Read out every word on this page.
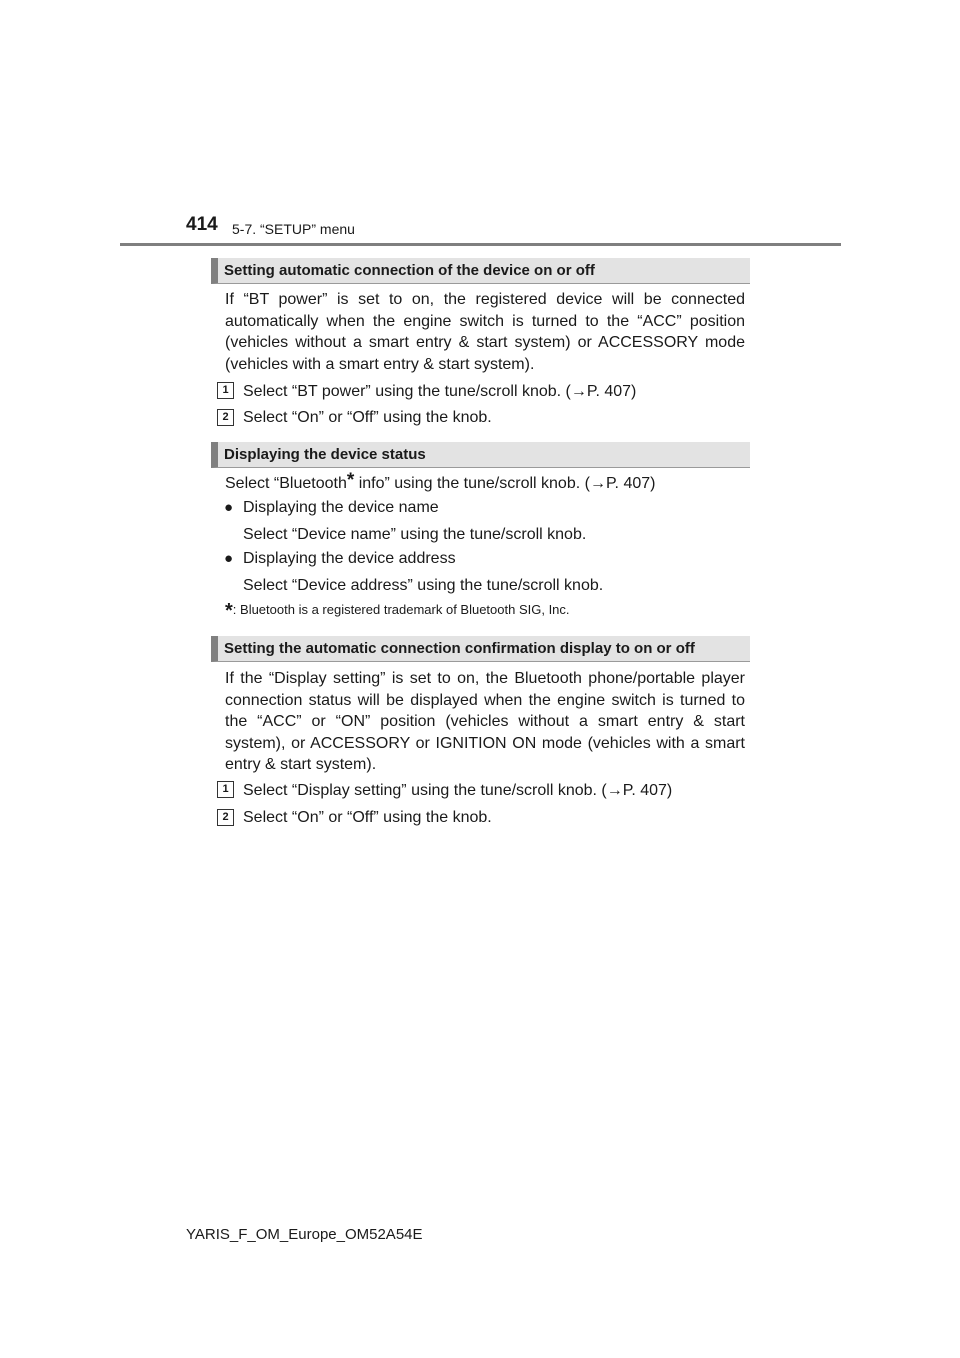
414 5-7. “SETUP” menu
Setting automatic connection of the device on or off

If “BT power” is set to on, the registered device will be connected automatically when the engine switch is turned to the “ACC” position (vehicles without a smart entry & start system) or ACCESSORY mode (vehicles with a smart entry & start system).

1 Select “BT power” using the tune/scroll knob. (→P. 407)
2 Select “On” or “Off” using the knob.
Displaying the device status
Select “Bluetooth* info” using the tune/scroll knob. (→P. 407)
● Displaying the device name
Select “Device name” using the tune/scroll knob.
● Displaying the device address
Select “Device address” using the tune/scroll knob.
*: Bluetooth is a registered trademark of Bluetooth SIG, Inc.
Setting the automatic connection confirmation display to on or off

If the “Display setting” is set to on, the Bluetooth phone/portable player connection status will be displayed when the engine switch is turned to the “ACC” or “ON” position (vehicles without a smart entry & start system), or ACCESSORY or IGNITION ON mode (vehicles with a smart entry & start system).

1 Select “Display setting” using the tune/scroll knob. (→P. 407)
2 Select “On” or “Off” using the knob.
YARIS_F_OM_Europe_OM52A54E
